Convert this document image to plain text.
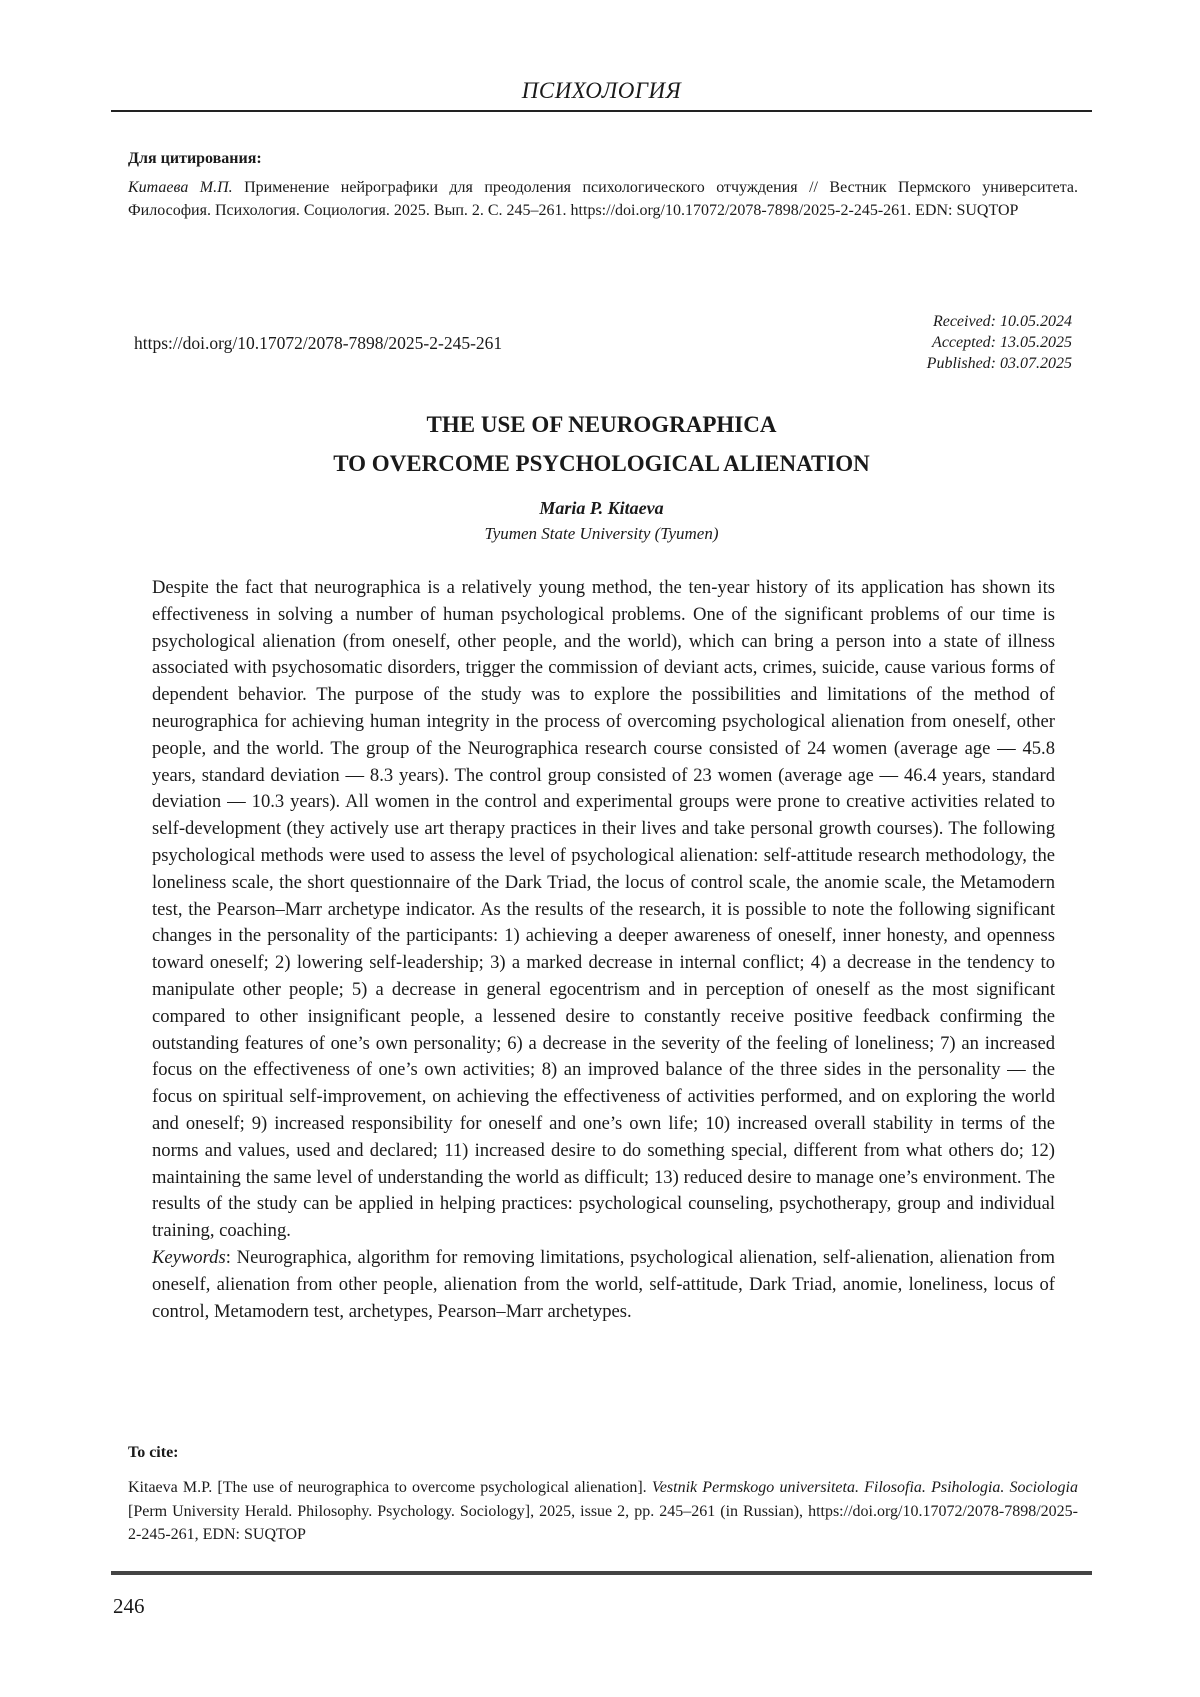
ПСИХОЛОГИЯ
Для цитирования:
Китаева М.П. Применение нейрографики для преодоления психологического отчуждения // Вестник Пермского университета. Философия. Психология. Социология. 2025. Вып. 2. С. 245–261. https://doi.org/10.17072/2078-7898/2025-2-245-261. EDN: SUQTOP
https://doi.org/10.17072/2078-7898/2025-2-245-261
Received: 10.05.2024
Accepted: 13.05.2025
Published: 03.07.2025
THE USE OF NEUROGRAPHICA
TO OVERCOME PSYCHOLOGICAL ALIENATION
Maria P. Kitaeva
Tyumen State University (Tyumen)

Despite the fact that neurographica is a relatively young method, the ten-year history of its application has shown its effectiveness in solving a number of human psychological problems. One of the significant problems of our time is psychological alienation (from oneself, other people, and the world), which can bring a person into a state of illness associated with psychosomatic disorders, trigger the commission of deviant acts, crimes, suicide, cause various forms of dependent behavior. The purpose of the study was to explore the possibilities and limitations of the method of neurographica for achieving human integrity in the process of overcoming psychological alienation from oneself, other people, and the world. The group of the Neurographica research course consisted of 24 women (average age — 45.8 years, standard deviation — 8.3 years). The control group consisted of 23 women (average age — 46.4 years, standard deviation — 10.3 years). All women in the control and experimental groups were prone to creative activities related to self-development (they actively use art therapy practices in their lives and take personal growth courses). The following psychological methods were used to assess the level of psychological alienation: self-attitude research methodology, the loneliness scale, the short questionnaire of the Dark Triad, the locus of control scale, the anomie scale, the Metamodern test, the Pearson–Marr archetype indicator. As the results of the research, it is possible to note the following significant changes in the personality of the participants: 1) achieving a deeper awareness of oneself, inner honesty, and openness toward oneself; 2) lowering self-leadership; 3) a marked decrease in internal conflict; 4) a decrease in the tendency to manipulate other people; 5) a decrease in general egocentrism and in perception of oneself as the most significant compared to other insignificant people, a lessened desire to constantly receive positive feedback confirming the outstanding features of one’s own personality; 6) a decrease in the severity of the feeling of loneliness; 7) an increased focus on the effectiveness of one’s own activities; 8) an improved balance of the three sides in the personality — the focus on spiritual self-improvement, on achieving the effectiveness of activities performed, and on exploring the world and oneself; 9) increased responsibility for oneself and one’s own life; 10) increased overall stability in terms of the norms and values, used and declared; 11) increased desire to do something special, different from what others do; 12) maintaining the same level of understanding the world as difficult; 13) reduced desire to manage one’s environment. The results of the study can be applied in helping practices: psychological counseling, psychotherapy, group and individual training, coaching.

Keywords: Neurographica, algorithm for removing limitations, psychological alienation, self-alienation, alienation from oneself, alienation from other people, alienation from the world, self-attitude, Dark Triad, anomie, loneliness, locus of control, Metamodern test, archetypes, Pearson–Marr archetypes.

To cite:
Kitaeva M.P. [The use of neurographica to overcome psychological alienation]. Vestnik Permskogo universiteta. Filosofia. Psihologia. Sociologia [Perm University Herald. Philosophy. Psychology. Sociology], 2025, issue 2, pp. 245–261 (in Russian), https://doi.org/10.17072/2078-7898/2025-2-245-261, EDN: SUQTOP
246
